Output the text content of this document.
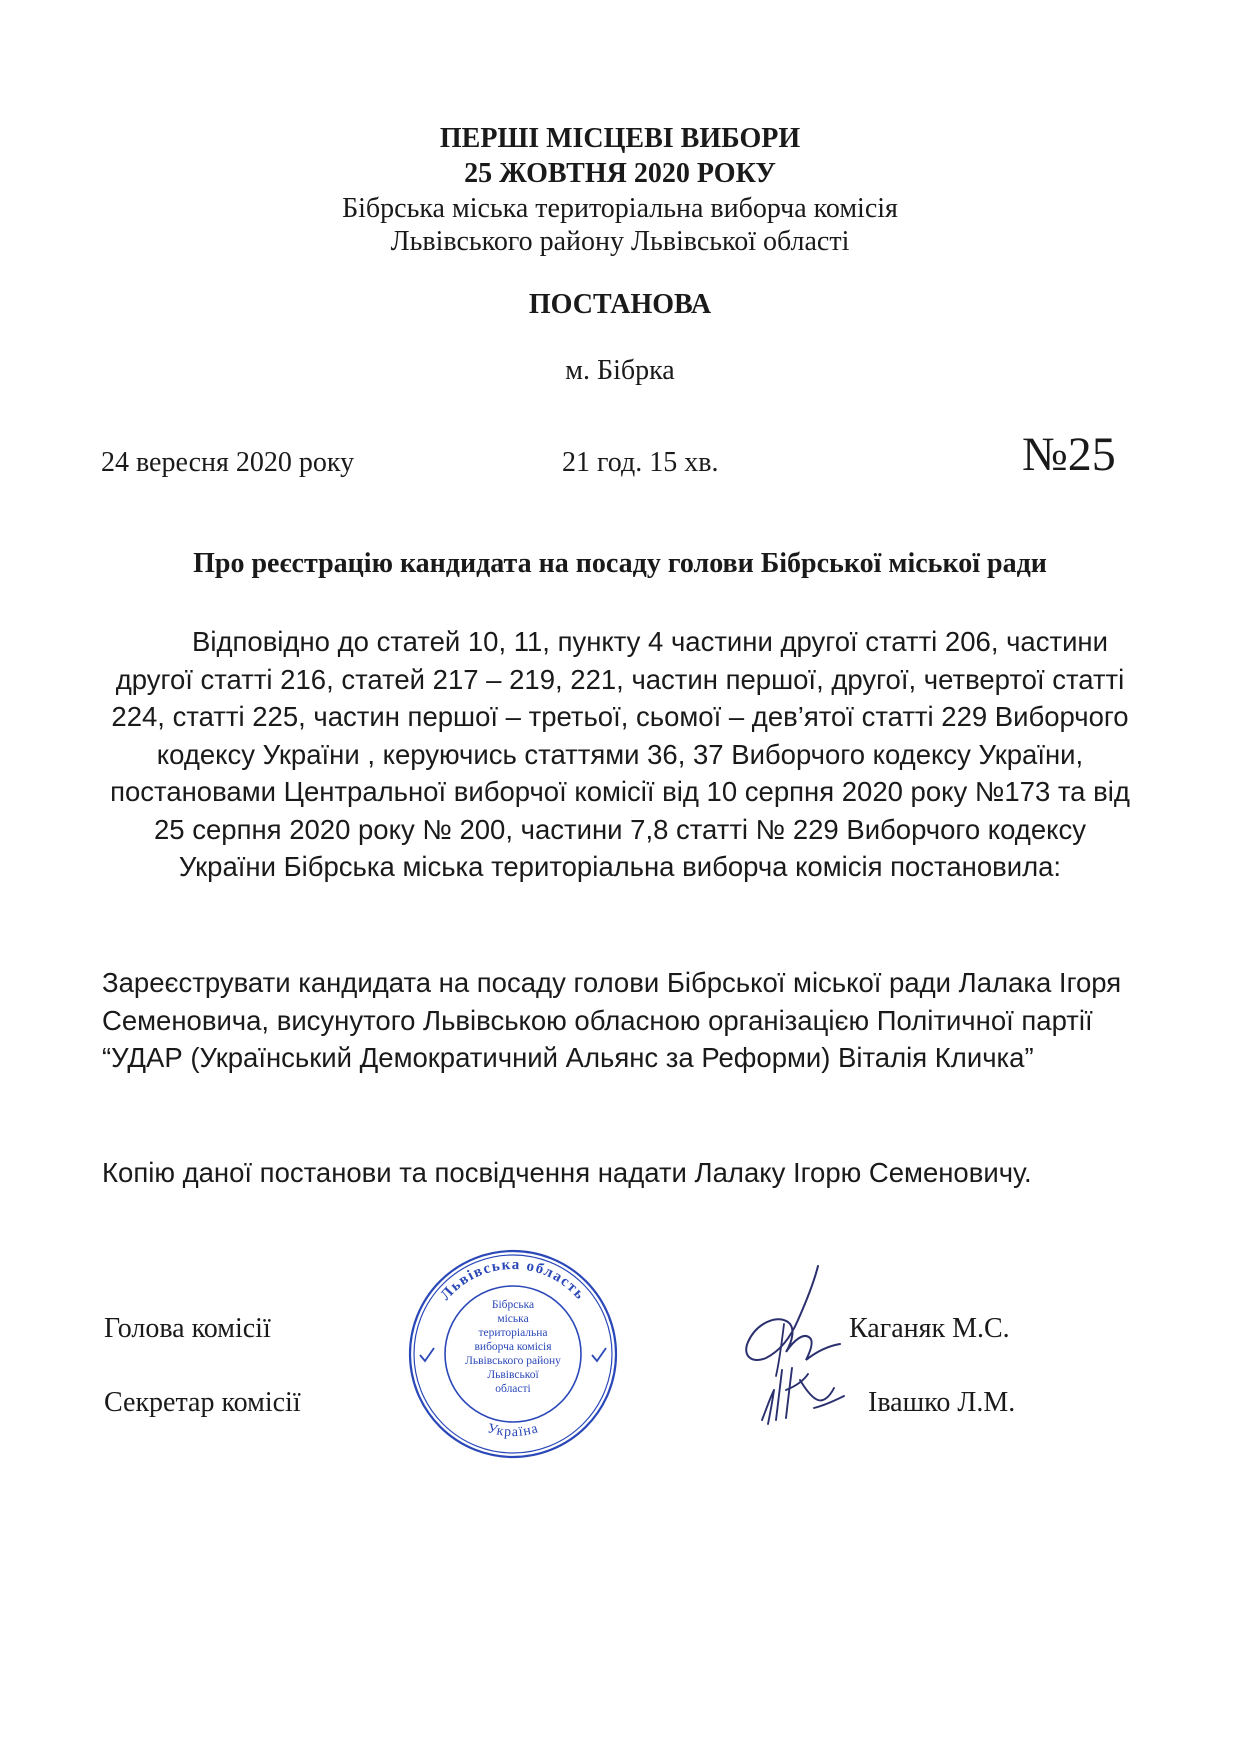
ПЕРШІ МІСЦЕВІ ВИБОРИ
25 ЖОВТНЯ 2020 РОКУ
Бібрська міська територіальна виборча комісія
Львівського району Львівської області
ПОСТАНОВА
м. Бібрка
24 вересня 2020 року	21 год. 15 хв.	№25
Про реєстрацію кандидата на посаду голови Бібрської міської ради
Відповідно до статей 10, 11, пункту 4 частини другої статті 206, частини другої статті 216, статей 217 – 219, 221, частин першої, другої, четвертої статті 224, статті 225, частин першої – третьої, сьомої – дев’ятої статті 229 Виборчого кодексу України , керуючись статтями 36, 37 Виборчого кодексу України, постановами Центральної виборчої комісії від 10 серпня 2020 року №173 та від 25 серпня 2020 року № 200, частини 7,8 статті № 229 Виборчого кодексу України Бібрська міська територіальна виборча комісія постановила:
Зареєструвати кандидата на посаду голови Бібрської міської ради Лалака Ігоря Семеновича, висунутого Львівською обласною організацією Політичної партії “УДАР (Український Демократичний Альянс за Реформи) Віталія Кличка”
Копію даної постанови та посвідчення надати Лалаку Ігорю Семеновичу.
Голова комісії	Каганяк М.С.
Секретар комісії	Івашко Л.М.
Львівська область
Україна
Бібрська
міська
територіальна
виборча комісія
Львівського району
Львівської
області
